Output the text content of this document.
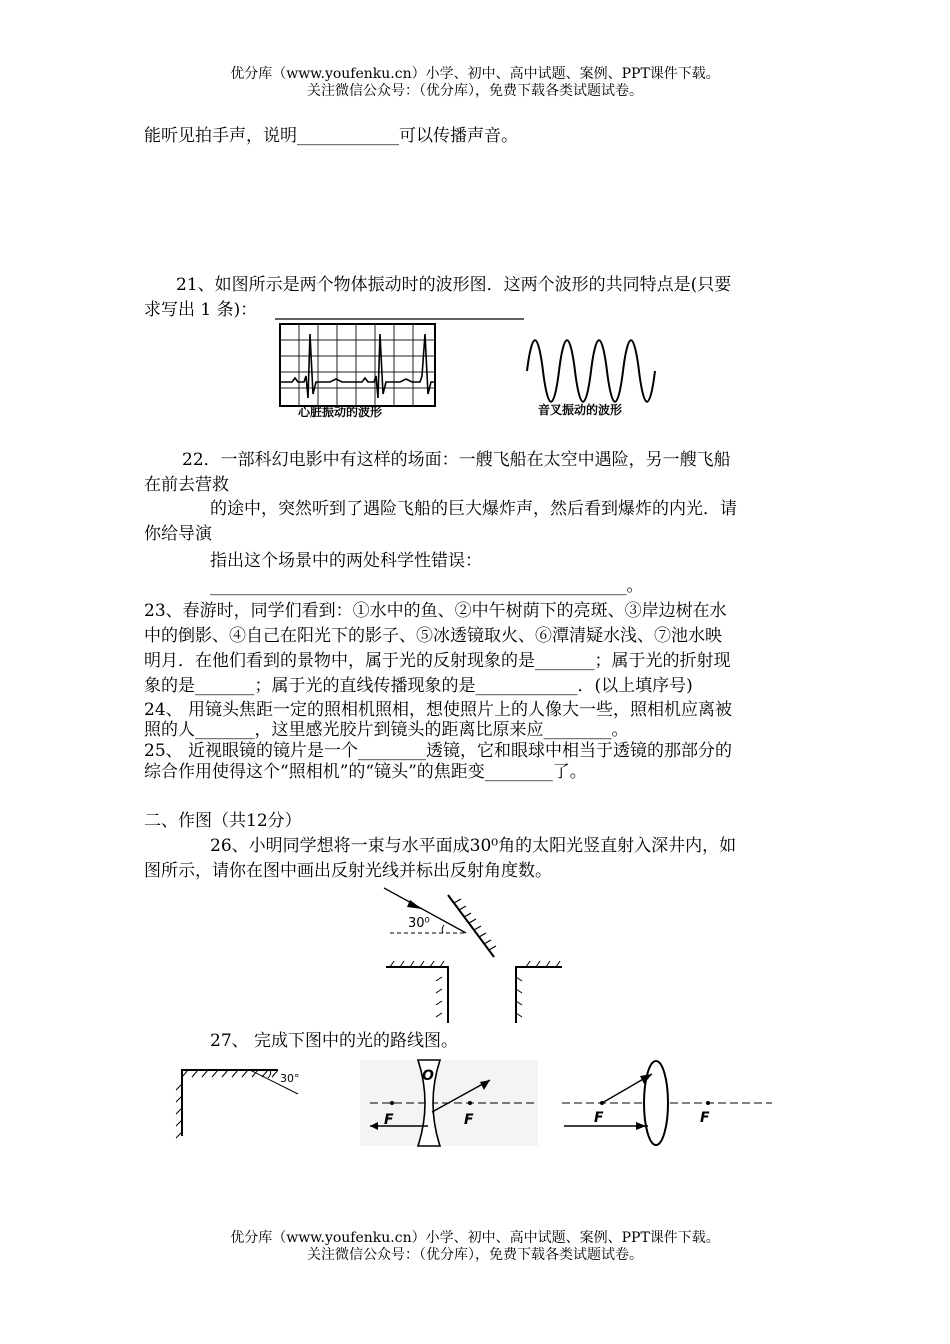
优分库（www.youfenku.cn）小学、初中、高中试题、案例、PPT课件下载。
关注微信公众号：（优分库），免费下载各类试题试卷。
能听见拍手声，说明____________可以传播声音。
21、如图所示是两个物体振动时的波形图．这两个波形的共同特点是(只要
求写出 1 条)：
心脏振动的波形	音叉振动的波形
22．一部科幻电影中有这样的场面：一艘飞船在太空中遇险，另一艘飞船
在前去营救
的途中，突然听到了遇险飞船的巨大爆炸声，然后看到爆炸的内光．请
你给导演
指出这个场景中的两处科学性错误：
_________________________________________________。
23、春游时，同学们看到：①水中的鱼、②中午树荫下的亮斑、③岸边树在水
中的倒影、④自己在阳光下的影子、⑤冰透镜取火、⑥潭清疑水浅、⑦池水映
明月．在他们看到的景物中，属于光的反射现象的是_______；属于光的折射现
象的是_______；属于光的直线传播现象的是____________．(以上填序号)
24、 用镜头焦距一定的照相机照相，想使照片上的人像大一些，照相机应离被
照的人_______，这里感光胶片到镜头的距离比原来应________。
25、 近视眼镜的镜片是一个________透镜，它和眼球中相当于透镜的那部分的
综合作用使得这个“照相机”的“镜头”的焦距变________了。
二、作图（共12分）
26、小明同学想将一束与水平面成30⁰角的太阳光竖直射入深井内，如
图所示，请你在图中画出反射光线并标出反射角度数。
30⁰
27、 完成下图中的光的路线图。
30°	O
F	F	F	F
优分库（www.youfenku.cn）小学、初中、高中试题、案例、PPT课件下载。
关注微信公众号：（优分库），免费下载各类试题试卷。
